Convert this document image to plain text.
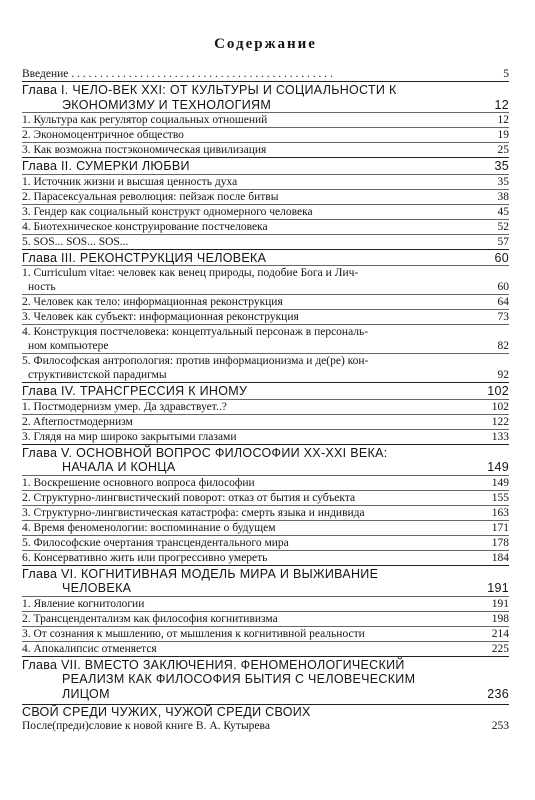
Содержание
Введение . . . . . . . . . . . . . . . . . . . . . . . . . . . . . . . . . . . . . . . . . . . . . .	5
Глава I. ЧЕЛО-ВЕК XXI: ОТ КУЛЬТУРЫ И СОЦИАЛЬНОСТИ К
ЭКОНОМИЗМУ И ТЕХНОЛОГИЯМ	12
1. Культура как регулятор социальных отношений	12
2. Экономоцентричное общество	19
3. Как возможна постэкономическая цивилизация	25
Глава II. СУМЕРКИ ЛЮБВИ	35
1. Источник жизни и высшая ценность духа	35
2. Парасексуальная революция: пейзаж после битвы	38
3. Гендер как социальный конструкт одномерного человека	45
4. Биотехническое конструирование постчеловека	52
5. SOS... SOS... SOS...	57
Глава III. РЕКОНСТРУКЦИЯ ЧЕЛОВЕКА	60
1. Curriculum vitae: человек как венец природы, подобие Бога и Лич-
ность	60
2. Человек как тело: информационная реконструкция	64
3. Человек как субъект: информационная реконструкция	73
4. Конструкция постчеловека: концептуальный персонаж в персональ-
ном компьютере	82
5. Философская антропология: против информационизма и де(ре) кон-
структивистской парадигмы	92
Глава IV. ТРАНСГРЕССИЯ К ИНОМУ	102
1. Постмодернизм умер. Да здравствует..?	102
2. Afterпостмодернизм	122
3. Глядя на мир широко закрытыми глазами	133
Глава V. ОСНОВНОЙ ВОПРОС ФИЛОСОФИИ XX-XXI ВЕКА:
НАЧАЛА И КОНЦА	149
1. Воскрешение основного вопроса философии	149
2. Структурно-лингвистический поворот: отказ от бытия и субъекта	155
3. Структурно-лингвистическая катастрофа: смерть языка и индивида	163
4. Время феноменологии: воспоминание о будущем	171
5. Философские очертания трансцендентального мира	178
6. Консервативно жить или прогрессивно умереть	184
Глава VI. КОГНИТИВНАЯ МОДЕЛЬ МИРА И ВЫЖИВАНИЕ
ЧЕЛОВЕКА	191
1. Явление когнитологии	191
2. Трансцендентализм как философия когнитивизма	198
3. От сознания к мышлению, от мышления к когнитивной реальности	214
4. Апокалипсис отменяется	225
Глава VII. ВМЕСТО ЗАКЛЮЧЕНИЯ. ФЕНОМЕНОЛОГИЧЕСКИЙ
РЕАЛИЗМ КАК ФИЛОСОФИЯ БЫТИЯ С ЧЕЛОВЕЧЕСКИМ
ЛИЦОМ	236
СВОЙ СРЕДИ ЧУЖИХ, ЧУЖОЙ СРЕДИ СВОИХ
После(преди)словие к новой книге В. А. Кутырева	253
